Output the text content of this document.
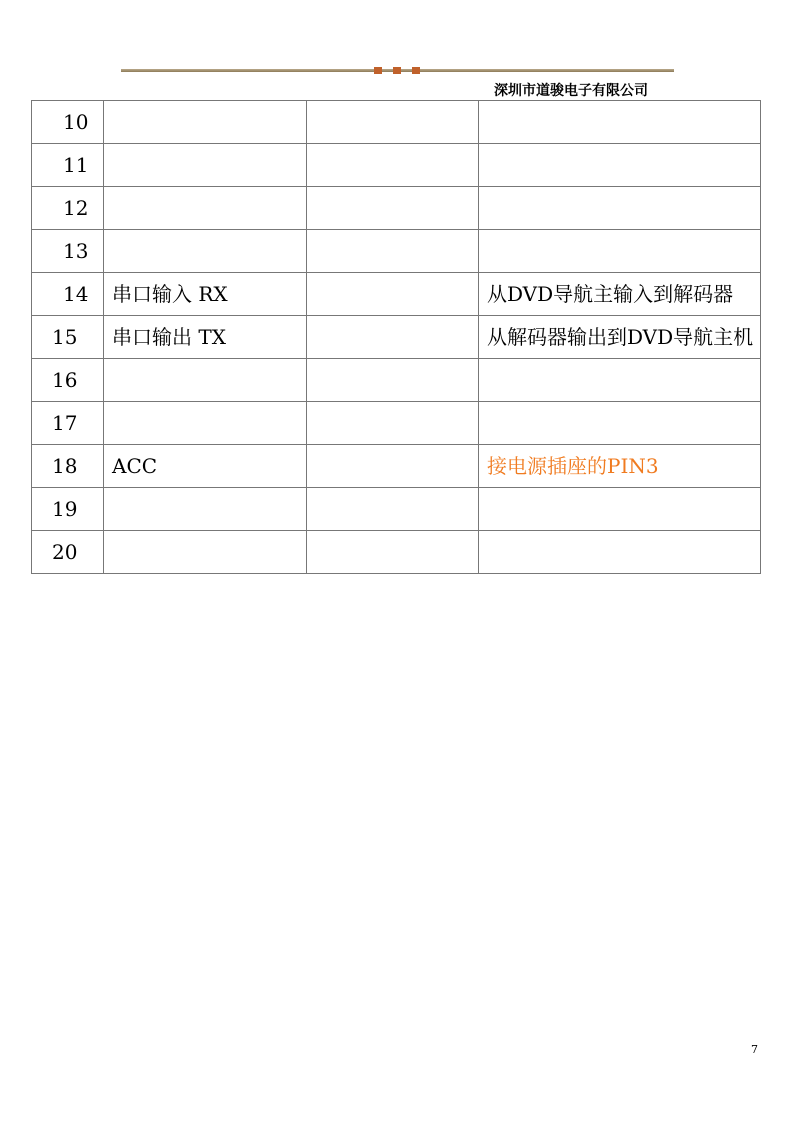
深圳市道骏电子有限公司
10			

11			

12			

13			

14	串口输入 RX		从DVD导航主输入到解码器

15	串口输出 TX		从解码器输出到DVD导航主机

16			

17			

18	ACC		接电源插座的PIN3

19			

20			

7
